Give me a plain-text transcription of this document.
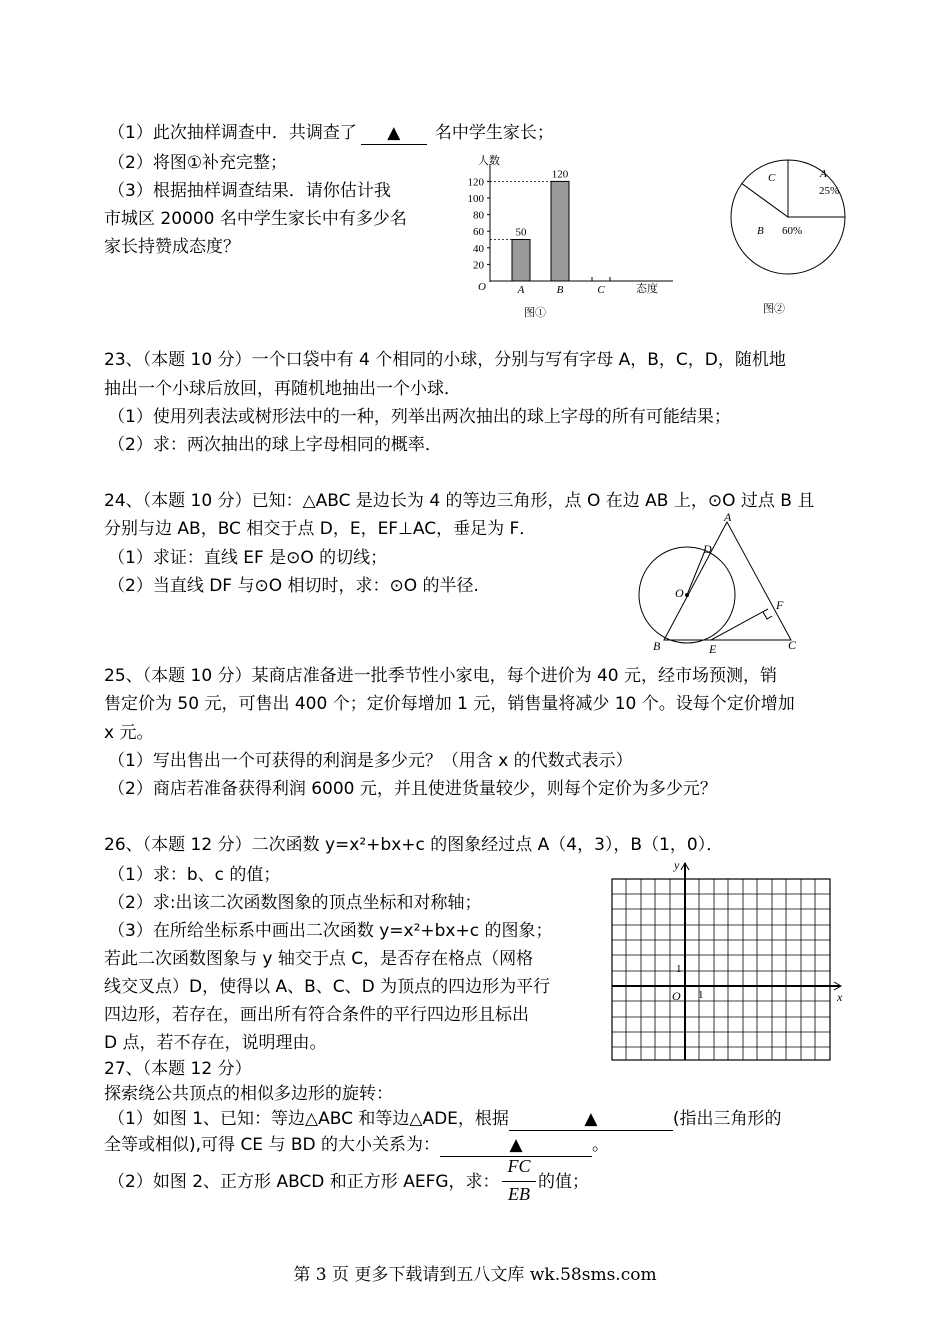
（1）此次抽样调查中．共调查了 ▲ 名中学生家长；
（2）将图①补充完整；
（3）根据抽样调查结果．请你估计我
市城区 20000 名中学生家长中有多少名
家长持赞成态度？
人数
态度
O
20
40
60
80
100
120
50
A
120
B	C
图①
A
25%
B 60%
C
图②
23、（本题 10 分）一个口袋中有 4 个相同的小球，分别与写有字母 A，B，C，D，随机地
抽出一个小球后放回，再随机地抽出一个小球．
（1）使用列表法或树形法中的一种，列举出两次抽出的球上字母的所有可能结果；
（2）求：两次抽出的球上字母相同的概率．
24、（本题 10 分）已知：△ABC 是边长为 4 的等边三角形，点 O 在边 AB 上，⊙O 过点 B 且
分别与边 AB，BC 相交于点 D，E，EF⊥AC，垂足为 F．
（1）求证：直线 EF 是⊙O 的切线；
（2）当直线 DF 与⊙O 相切时，求：⊙O 的半径.
A
D
O
F
B	E	C
25、（本题 10 分）某商店准备进一批季节性小家电，每个进价为 40 元，经市场预测，销
售定价为 50 元，可售出 400 个；定价每增加 1 元，销售量将减少 10 个。设每个定价增加
x 元。
（1）写出售出一个可获得的利润是多少元？（用含 x 的代数式表示）
（2）商店若准备获得利润 6000 元，并且使进货量较少，则每个定价为多少元？
26、（本题 12 分）二次函数 y=x²+bx+c 的图象经过点 A（4，3），B（1，0）．
（1）求：b、c 的值；
（2）求:出该二次函数图象的顶点坐标和对称轴；
（3）在所给坐标系中画出二次函数 y=x²+bx+c 的图象；
若此二次函数图象与 y 轴交于点 C，是否存在格点（网格
线交叉点）D，使得以 A、B、C、D 为顶点的四边形为平行
四边形，若存在，画出所有符合条件的平行四边形且标出
D 点，若不存在，说明理由。
x
y
O 1
1
27、（本题 12 分）
探索绕公共顶点的相似多边形的旋转：
（1）如图 1、已知：等边△ABC 和等边△ADE，根据	▲	(指出三角形的
全等或相似),可得 CE 与 BD 的大小关系为：	▲	。
（2）如图 2、正方形 ABCD 和正方形 AEFG，求：
FC
EB
的值；
第 3 页 更多下载请到五八文库 wk.58sms.com
